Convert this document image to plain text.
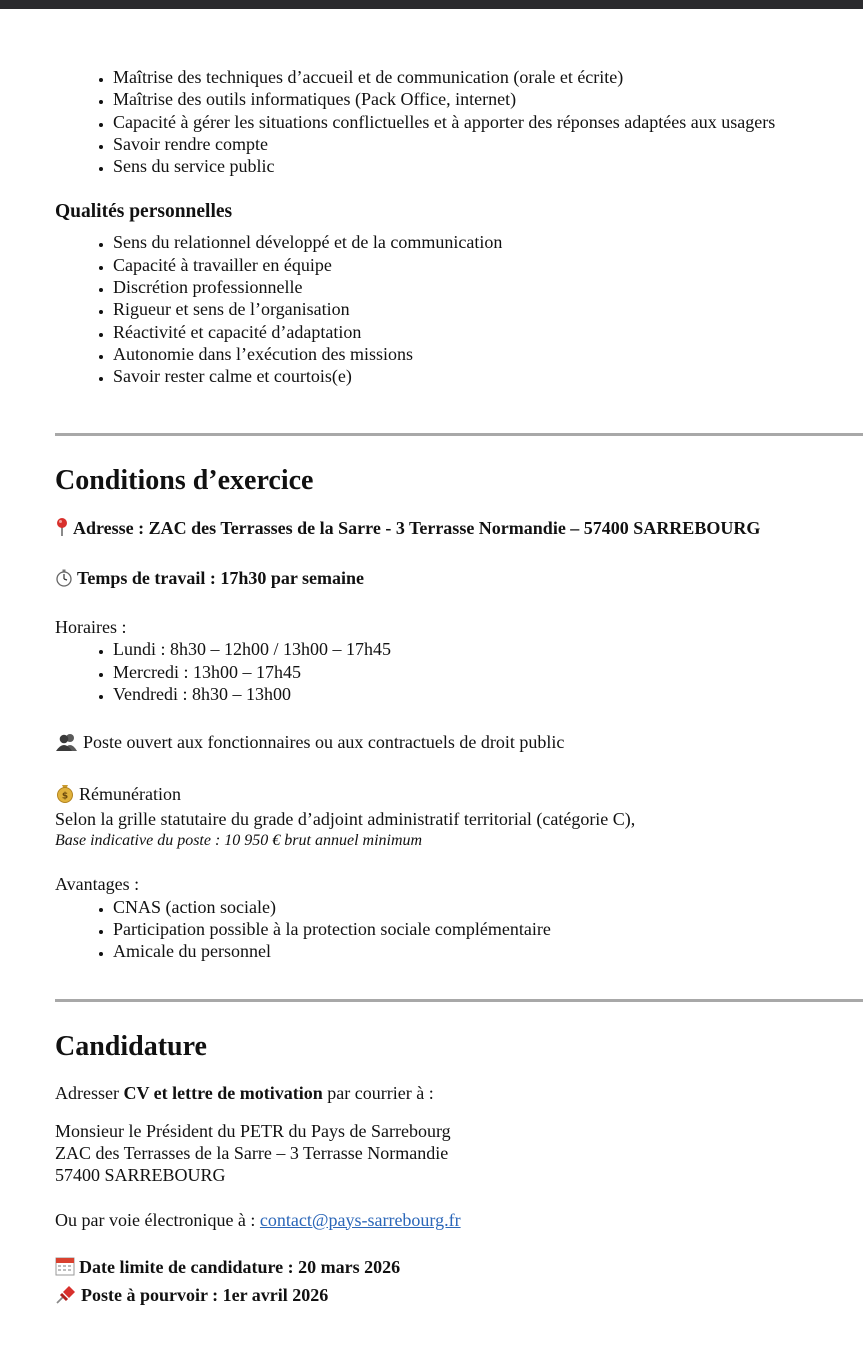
• Maîtrise des techniques d’accueil et de communication (orale et écrite)
• Maîtrise des outils informatiques (Pack Office, internet)
• Capacité à gérer les situations conflictuelles et à apporter des réponses adaptées aux usagers
• Savoir rendre compte
• Sens du service public
Qualités personnelles
• Sens du relationnel développé et de la communication
• Capacité à travailler en équipe
• Discrétion professionnelle
• Rigueur et sens de l’organisation
• Réactivité et capacité d’adaptation
• Autonomie dans l’exécution des missions
• Savoir rester calme et courtois(e)
Conditions d’exercice
Adresse : ZAC des Terrasses de la Sarre - 3 Terrasse Normandie – 57400 SARREBOURG
Temps de travail : 17h30 par semaine
Horaires :
• Lundi : 8h30 – 12h00 / 13h00 – 17h45
• Mercredi : 13h00 – 17h45
• Vendredi : 8h30 – 13h00
Poste ouvert aux fonctionnaires ou aux contractuels de droit public
$ Rémunération
Selon la grille statutaire du grade d’adjoint administratif territorial (catégorie C),
Base indicative du poste : 10 950 € brut annuel minimum
Avantages :
• CNAS (action sociale)
• Participation possible à la protection sociale complémentaire
• Amicale du personnel
Candidature
Adresser CV et lettre de motivation par courrier à :
Monsieur le Président du PETR du Pays de Sarrebourg
ZAC des Terrasses de la Sarre – 3 Terrasse Normandie
57400 SARREBOURG
Ou par voie électronique à : contact@pays-sarrebourg.fr
Date limite de candidature : 20 mars 2026
Poste à pourvoir : 1er avril 2026
